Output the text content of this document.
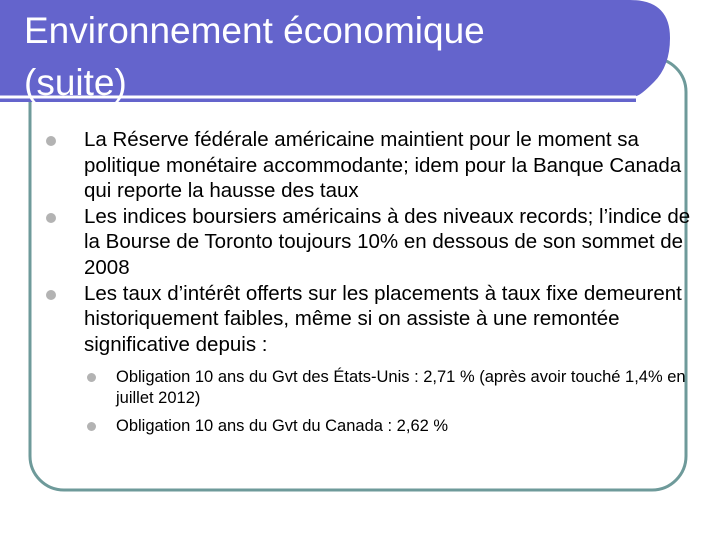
Environnement économique
(suite)
La Réserve fédérale américaine maintient pour le moment sa politique monétaire accommodante; idem pour la Banque Canada qui reporte la hausse des taux
Les indices boursiers américains à des niveaux records; l’indice de la Bourse de Toronto toujours 10% en dessous de son sommet de 2008
Les taux d’intérêt offerts sur les placements à taux fixe demeurent historiquement faibles, même si on assiste à une remontée significative depuis :
Obligation 10 ans du Gvt des États-Unis : 2,71 % (après avoir touché 1,4% en juillet 2012)
Obligation 10 ans du Gvt du Canada : 2,62 %
